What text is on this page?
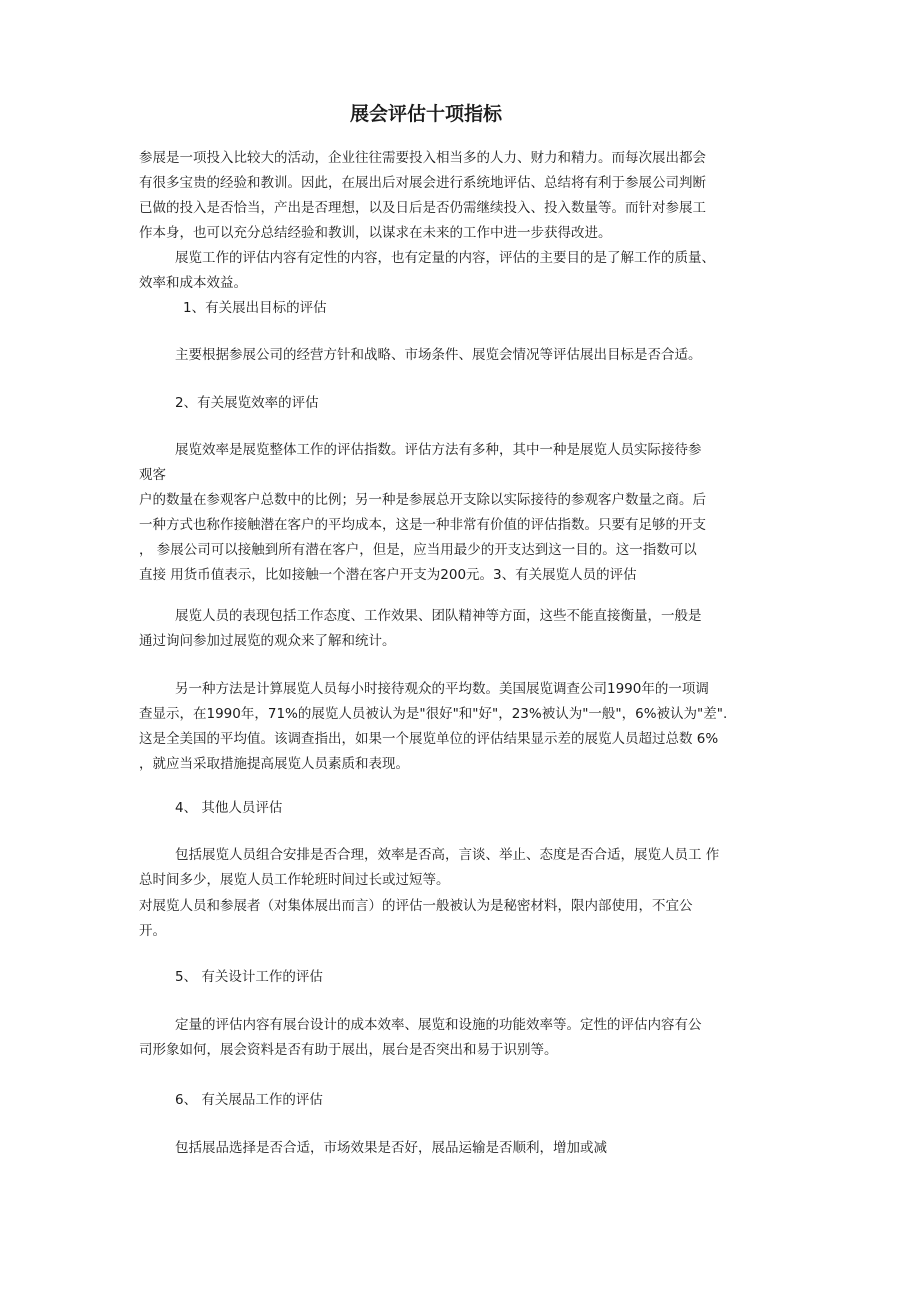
展会评估十项指标
参展是一项投入比较大的活动，企业往往需要投入相当多的人力、财力和精力。而每次展出都会
有很多宝贵的经验和教训。因此，在展出后对展会进行系统地评估、总结将有利于参展公司判断
已做的投入是否恰当，产出是否理想，以及日后是否仍需继续投入、投入数量等。而针对参展工
作本身，也可以充分总结经验和教训，以谋求在未来的工作中进一步获得改进。
展览工作的评估内容有定性的内容，也有定量的内容，评估的主要目的是了解工作的质量、
效率和成本效益。
1、有关展出目标的评估
主要根据参展公司的经营方针和战略、市场条件、展览会情况等评估展出目标是否合适。
2、有关展览效率的评估
展览效率是展览整体工作的评估指数。评估方法有多种，其中一种是展览人员实际接待参
观客
户的数量在参观客户总数中的比例；另一种是参展总开支除以实际接待的参观客户数量之商。后
一种方式也称作接触潜在客户的平均成本，这是一种非常有价值的评估指数。只要有足够的开支
， 参展公司可以接触到所有潜在客户，但是，应当用最少的开支达到这一目的。这一指数可以
直接 用货币值表示，比如接触一个潜在客户开支为200元。3、有关展览人员的评估
展览人员的表现包括工作态度、工作效果、团队精神等方面，这些不能直接衡量，一般是
通过询问参加过展览的观众来了解和统计。
另一种方法是计算展览人员每小时接待观众的平均数。美国展览调查公司1990年的一项调
查显示，在1990年，71%的展览人员被认为是"很好"和"好"，23%被认为"一般"，6%被认为"差".
这是全美国的平均值。该调查指出，如果一个展览单位的评估结果显示差的展览人员超过总数 6%
，就应当采取措施提高展览人员素质和表现。
4、 其他人员评估
包括展览人员组合安排是否合理，效率是否高，言谈、举止、态度是否合适，展览人员工 作
总时间多少，展览人员工作轮班时间过长或过短等。
对展览人员和参展者（对集体展出而言）的评估一般被认为是秘密材料，限内部使用，不宜公
开。
5、 有关设计工作的评估
定量的评估内容有展台设计的成本效率、展览和设施的功能效率等。定性的评估内容有公
司形象如何，展会资料是否有助于展出，展台是否突出和易于识别等。
6、 有关展品工作的评估
包括展品选择是否合适，市场效果是否好，展品运输是否顺利，增加或减
